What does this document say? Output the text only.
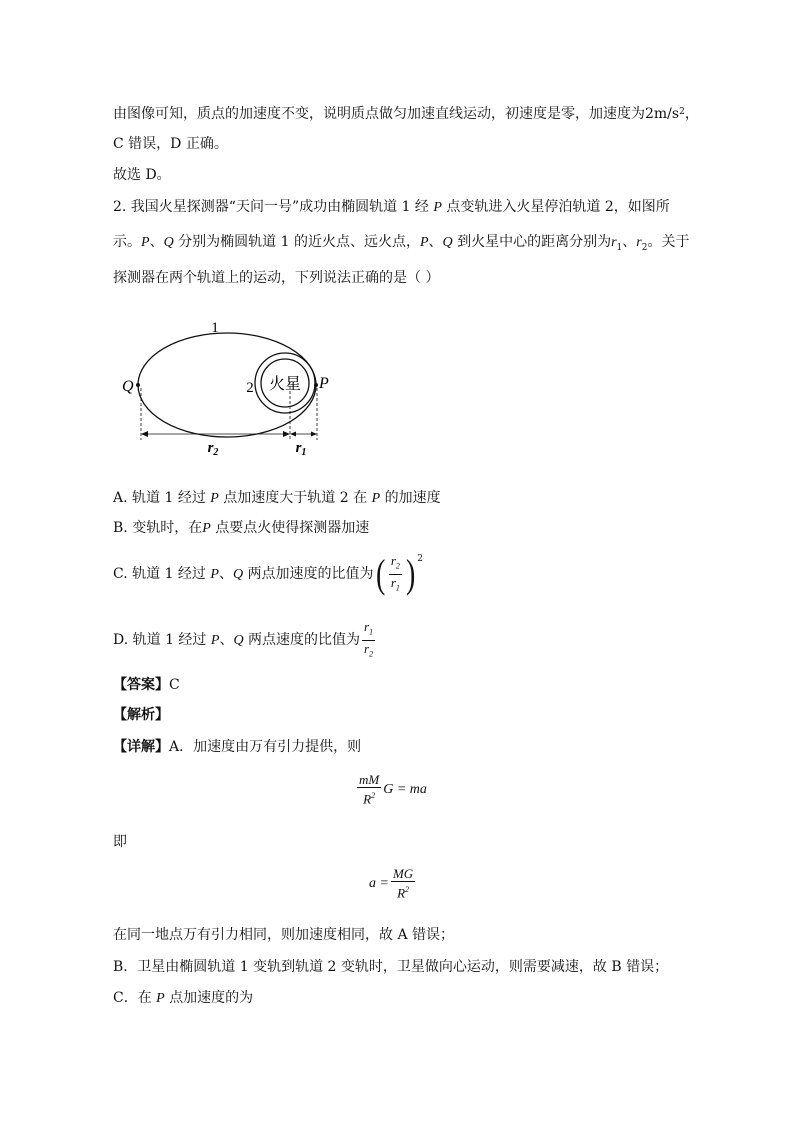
由图像可知，质点的加速度不变，说明质点做匀加速直线运动，初速度是零，加速度为$2m/s^2$，
C 错误，D 正确。
故选 D。
2. 我国火星探测器“天问一号”成功由椭圆轨道 1 经 P 点变轨进入火星停泊轨道 2，如图所
示。P、Q 分别为椭圆轨道 1 的近火点、远火点，P、Q 到火星中心的距离分别为$r_1$、$r_2$。关于
探测器在两个轨道上的运动，下列说法正确的是（ ）
火星
1
2
Q	P
$r_2$	$r_1$
A. 轨道 1 经过 P 点加速度大于轨道 2 在 P 的加速度
B. 变轨时，在P 点要点火使得探测器加速
C. 轨道 1 经过 P、Q 两点加速度的比值为( $\frac{r_2}{r_1}$ ) $^2$
D. 轨道 1 经过 P、Q 两点速度的比值为 $\frac{r_1}{r_2}$
【答案】C
【解析】
【详解】A．加速度由万有引力提供，则
$\frac{mM}{R^2}$ G = ma
即
$a = \frac{MG}{R^2}$
在同一地点万有引力相同，则加速度相同，故 A 错误；
B．卫星由椭圆轨道 1 变轨到轨道 2 变轨时，卫星做向心运动，则需要减速，故 B 错误；
C．在 P 点加速度的为
